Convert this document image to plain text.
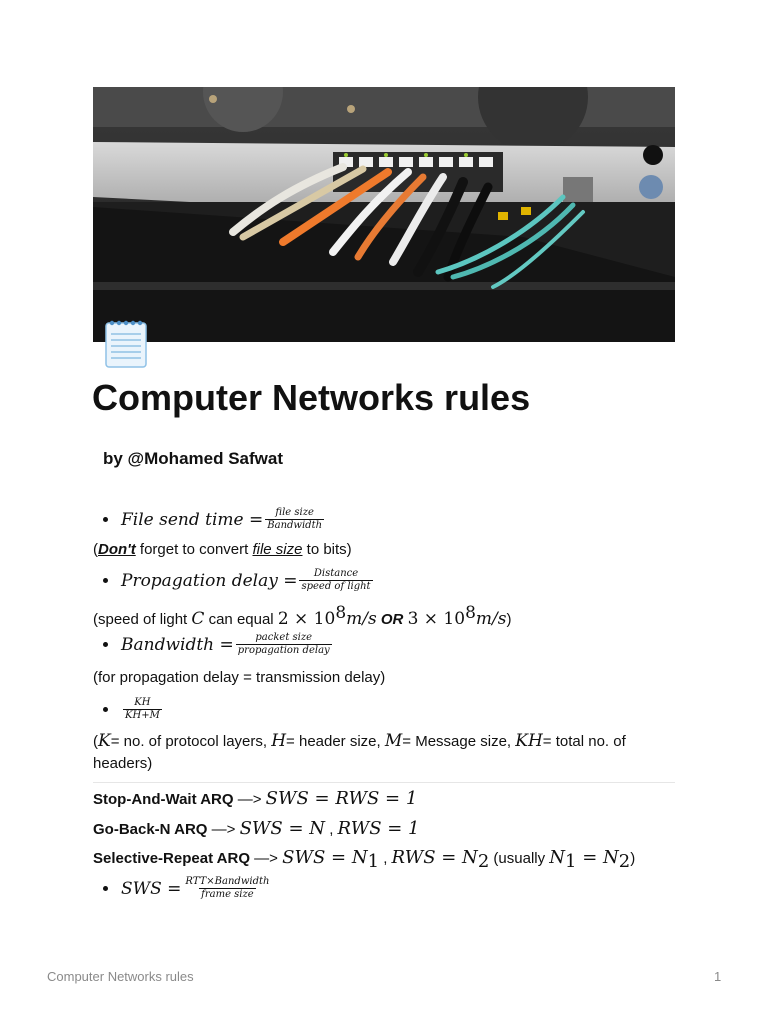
Computer Networks rules
by @Mohamed Safwat
File send time = $\frac{\text{file size}}{\text{Bandwidth}}$
(Don't forget to convert file size to bits)
Propagation delay = $\frac{\text{Distance}}{\text{speed of light}}$
(speed of light C can equal $2 \times 10^8m/s$ OR $3 \times 10^8m/s$)
Bandwidth = $\frac{\text{packet size}}{\text{propagation delay}}$
(for propagation delay = transmission delay)
$\frac{KH}{KH+M}$
(K= no. of protocol layers, H= header size, M= Message size, KH= total no. of headers)
Stop-And-Wait ARQ —> SWS = RWS = 1
Go-Back-N ARQ —> SWS = N , RWS = 1
Selective-Repeat ARQ —> SWS = $N_1$ , RWS = $N_2$ (usually $N_1 = N_2$)
SWS = $\frac{\text{RTT×Bandwidth}}{\text{frame size}}$
Computer Networks rules	1
